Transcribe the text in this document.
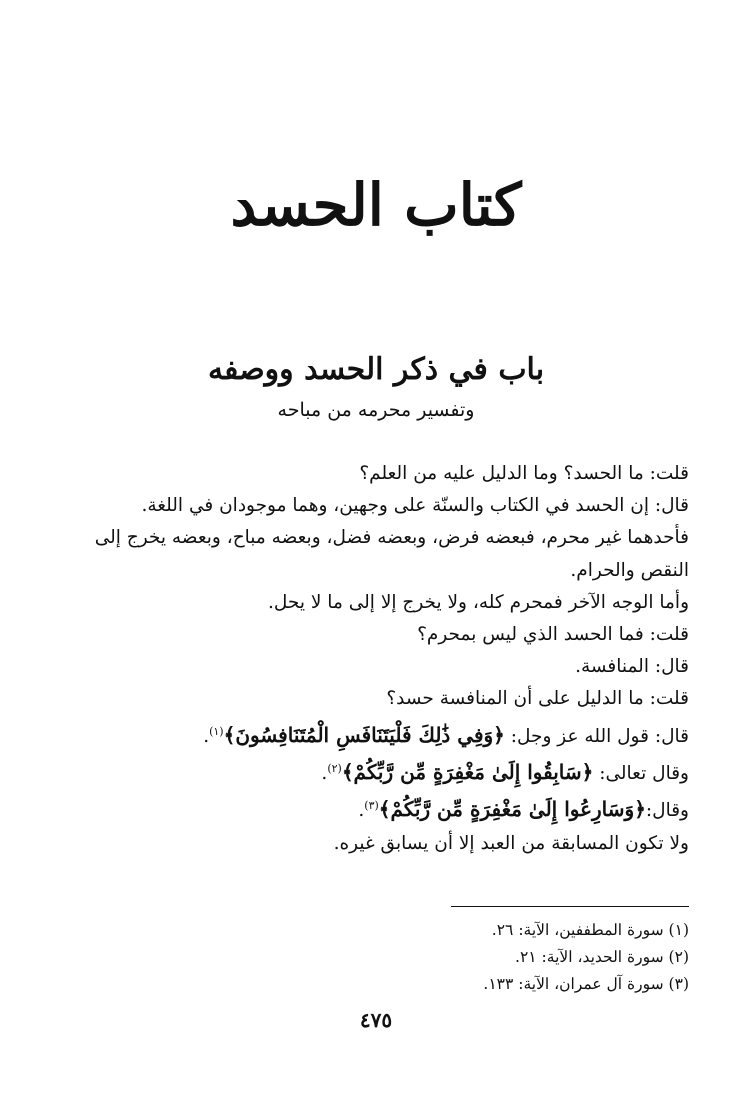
كتاب الحسد
باب في ذكر الحسد ووصفه
وتفسير محرمه من مباحه
قلت: ما الحسد؟ وما الدليل عليه من العلم؟
قال: إن الحسد في الكتاب والسنّة على وجهين، وهما موجودان في اللغة.
فأحدهما غير محرم، فبعضه فرض، وبعضه فضل، وبعضه مباح، وبعضه يخرج إلى
النقص والحرام.
وأما الوجه الآخر فمحرم كله، ولا يخرج إلا إلى ما لا يحل.
قلت: فما الحسد الذي ليس بمحرم؟
قال: المنافسة.
قلت: ما الدليل على أن المنافسة حسد؟
قال: قول الله عز وجل: ﴿وَفِي ذَٰلِكَ فَلْيَتَنَافَسِ الْمُتَنَافِسُونَ﴾$^{(١)}$.
وقال تعالى: ﴿سَابِقُوا إِلَىٰ مَغْفِرَةٍ مِّن رَّبِّكُمْ﴾$^{(٢)}$.
وقال:﴿وَسَارِعُوا إِلَىٰ مَغْفِرَةٍ مِّن رَّبِّكُمْ﴾$^{(٣)}$.
ولا تكون المسابقة من العبد إلا أن يسابق غيره.
(١) سورة المطففين، الآية: ٢٦.
(٢) سورة الحديد، الآية: ٢١.
(٣) سورة آل عمران، الآية: ١٣٣.
٤٧٥
